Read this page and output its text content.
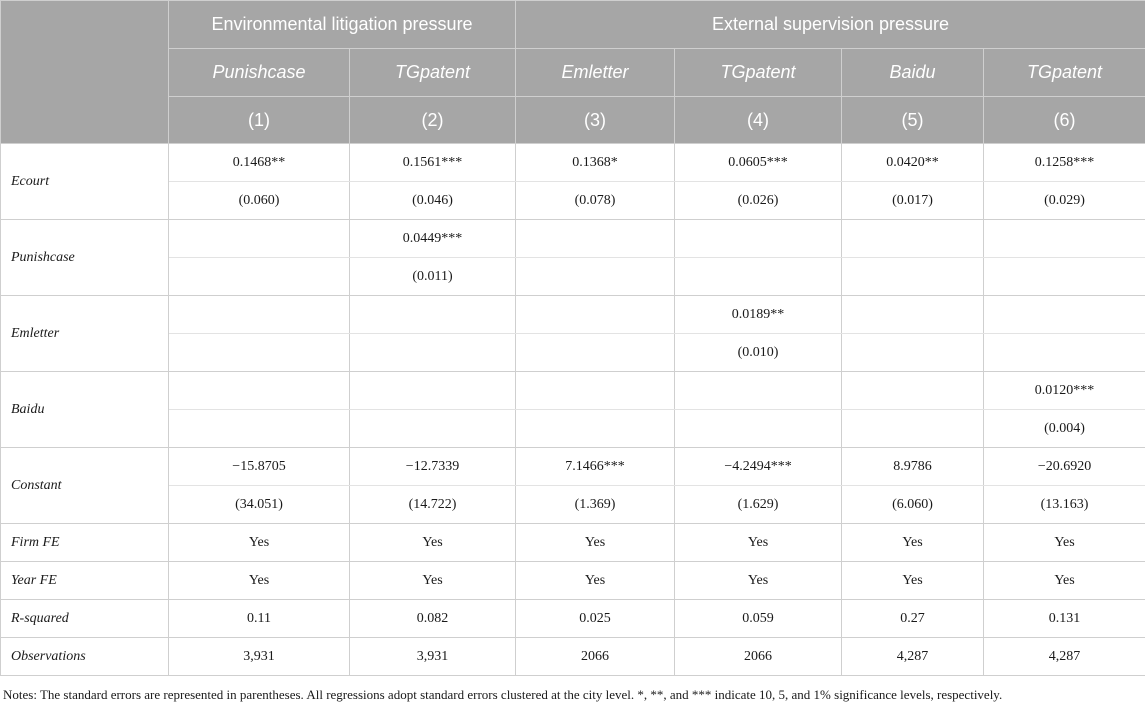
	Environmental litigation pressure		External supervision pressure			
	Punishcase	TGpatent	Emletter	TGpatent	Baidu	TGpatent
	(1)	(2)	(3)	(4)	(5)	(6)
Ecourt	0.1468**	0.1561***	0.1368*	0.0605***	0.0420**	0.1258***
	(0.060)	(0.046)	(0.078)	(0.026)	(0.017)	(0.029)
Punishcase		0.0449***				
		(0.011)				
Emletter				0.0189**		
				(0.010)		
Baidu						0.0120***
						(0.004)
Constant	−15.8705	−12.7339	7.1466***	−4.2494***	8.9786	−20.6920
	(34.051)	(14.722)	(1.369)	(1.629)	(6.060)	(13.163)
Firm FE	Yes	Yes	Yes	Yes	Yes	Yes
Year FE	Yes	Yes	Yes	Yes	Yes	Yes
R-squared	0.11	0.082	0.025	0.059	0.27	0.131
Observations	3,931	3,931	2066	2066	4,287	4,287
Notes: The standard errors are represented in parentheses. All regressions adopt standard errors clustered at the city level. *, **, and *** indicate 10, 5, and 1% significance levels, respectively.
